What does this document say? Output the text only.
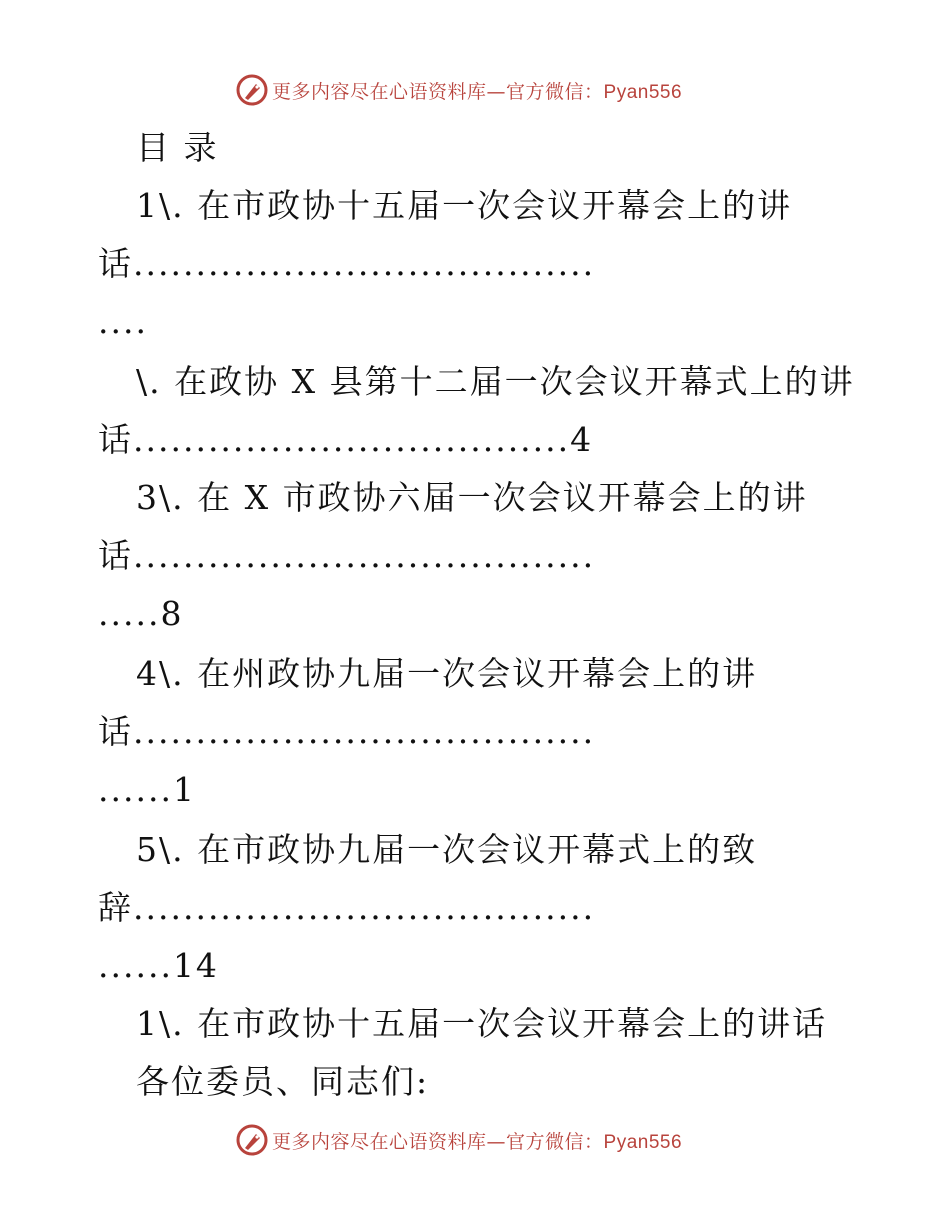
更多内容尽在心语资料库—官方微信：Pyan556
目 录
1\. 在市政协十五届一次会议开幕会上的讲
话.....................................
....
\. 在政协 X 县第十二届一次会议开幕式上的讲
话...................................4
3\. 在 X 市政协六届一次会议开幕会上的讲
话.....................................
.....8
4\. 在州政协九届一次会议开幕会上的讲
话.....................................
......1
5\. 在市政协九届一次会议开幕式上的致
辞.....................................
......14
1\. 在市政协十五届一次会议开幕会上的讲话
各位委员、同志们:
更多内容尽在心语资料库—官方微信：Pyan556
